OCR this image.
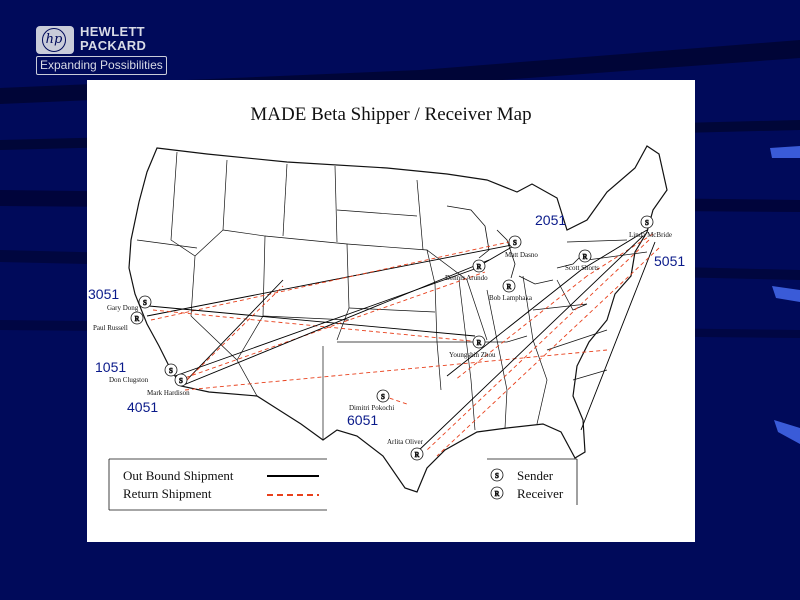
hp
HEWLETT
PACKARD
Expanding Possibilities
S
R
S
S
S
R
R
R
S
R
S
R
Gary Dong
Paul Russell
Don Clugston
Mark Hardison
Matt Dasno
Dennis Arundo
Bob Lamphaka
Scott Shorts
Linda McBride
Youngshin Zhou
Dimitri Pokochi
Arlita Oliver
2051
5051
3051
1051
4051
6051
Out Bound Shipment
Return Shipment
S
R
Sender
Receiver
MADE Beta Shipper / Receiver Map
